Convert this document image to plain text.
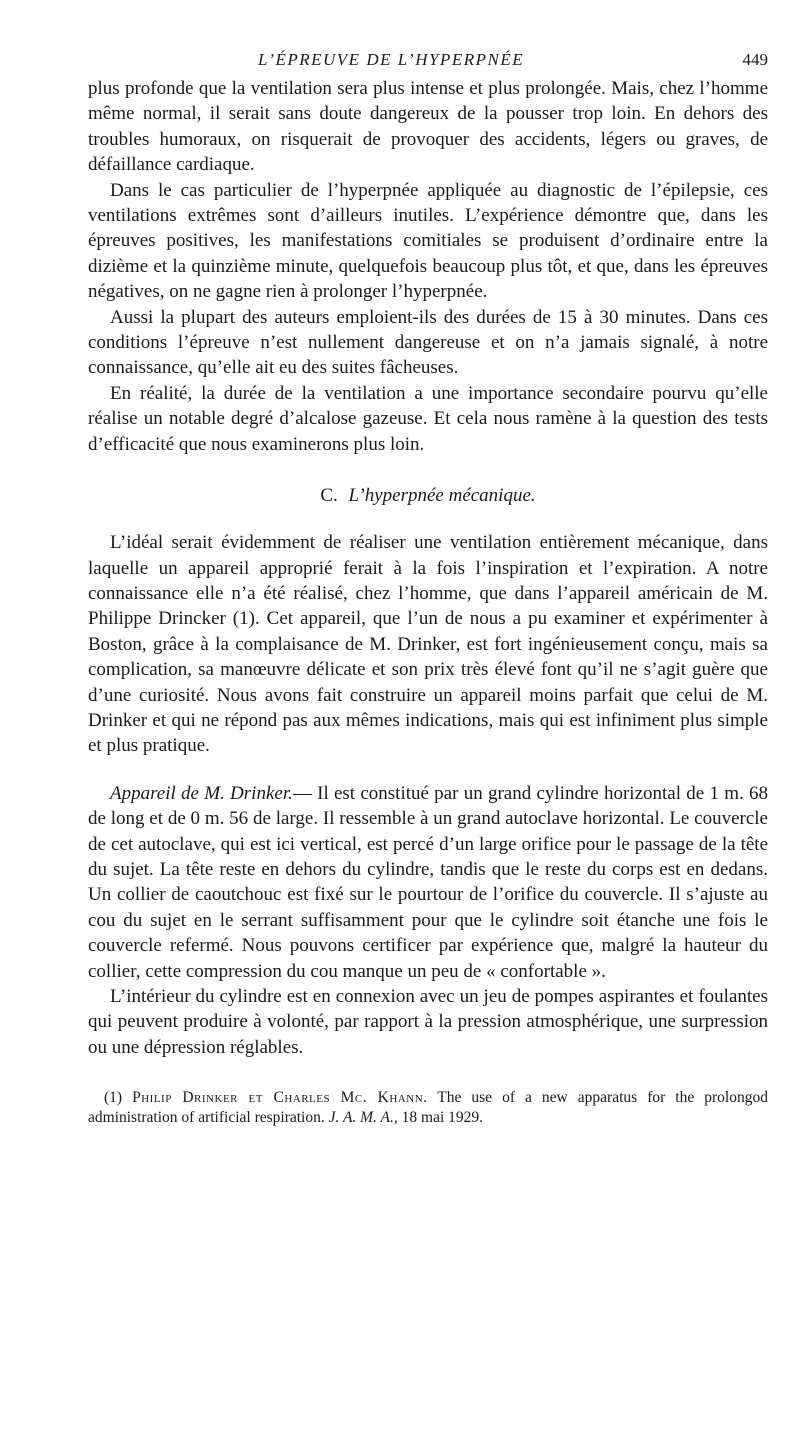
L’ÉPREUVE DE L’HYPERPNÉE	449

plus profonde que la ventilation sera plus intense et plus prolongée. Mais, chez l’homme même normal, il serait sans doute dangereux de la pousser trop loin. En dehors des troubles humoraux, on risquerait de provoquer des accidents, légers ou graves, de défaillance cardiaque.

Dans le cas particulier de l’hyperpnée appliquée au diagnostic de l’épilepsie, ces ventilations extrêmes sont d’ailleurs inutiles. L’expérience démontre que, dans les épreuves positives, les manifestations comitiales se produisent d’ordinaire entre la dizième et la quinzième minute, quelquefois beaucoup plus tôt, et que, dans les épreuves négatives, on ne gagne rien à prolonger l’hyperpnée.

Aussi la plupart des auteurs emploient-ils des durées de 15 à 30 minutes. Dans ces conditions l’épreuve n’est nullement dangereuse et on n’a jamais signalé, à notre connaissance, qu’elle ait eu des suites fâcheuses.

En réalité, la durée de la ventilation a une importance secondaire pourvu qu’elle réalise un notable degré d’alcalose gazeuse. Et cela nous ramène à la question des tests d’efficacité que nous examinerons plus loin.

C. L’hyperpnée mécanique.

L’idéal serait évidemment de réaliser une ventilation entièrement mécanique, dans laquelle un appareil approprié ferait à la fois l’inspiration et l’expiration. A notre connaissance elle n’a été réalisé, chez l’homme, que dans l’appareil américain de M. Philippe Drincker (1). Cet appareil, que l’un de nous a pu examiner et expérimenter à Boston, grâce à la complaisance de M. Drinker, est fort ingénieusement conçu, mais sa complication, sa manœuvre délicate et son prix très élevé font qu’il ne s’agit guère que d’une curiosité. Nous avons fait construire un appareil moins parfait que celui de M. Drinker et qui ne répond pas aux mêmes indications, mais qui est infiniment plus simple et plus pratique.

Appareil de M. Drinker.— Il est constitué par un grand cylindre horizontal de 1 m. 68 de long et de 0 m. 56 de large. Il ressemble à un grand autoclave horizontal. Le couvercle de cet autoclave, qui est ici vertical, est percé d’un large orifice pour le passage de la tête du sujet. La tête reste en dehors du cylindre, tandis que le reste du corps est en dedans. Un collier de caoutchouc est fixé sur le pourtour de l’orifice du couvercle. Il s’ajuste au cou du sujet en le serrant suffisamment pour que le cylindre soit étanche une fois le couvercle refermé. Nous pouvons certificer par expérience que, malgré la hauteur du collier, cette compression du cou manque un peu de « confortable ».

L’intérieur du cylindre est en connexion avec un jeu de pompes aspirantes et foulantes qui peuvent produire à volonté, par rapport à la pression atmosphérique, une surpression ou une dépression réglables.

(1) Philip Drinker et Charles Mc. Khann. The use of a new apparatus for the prolongod administration of artificial respiration. J. A. M. A., 18 mai 1929.
